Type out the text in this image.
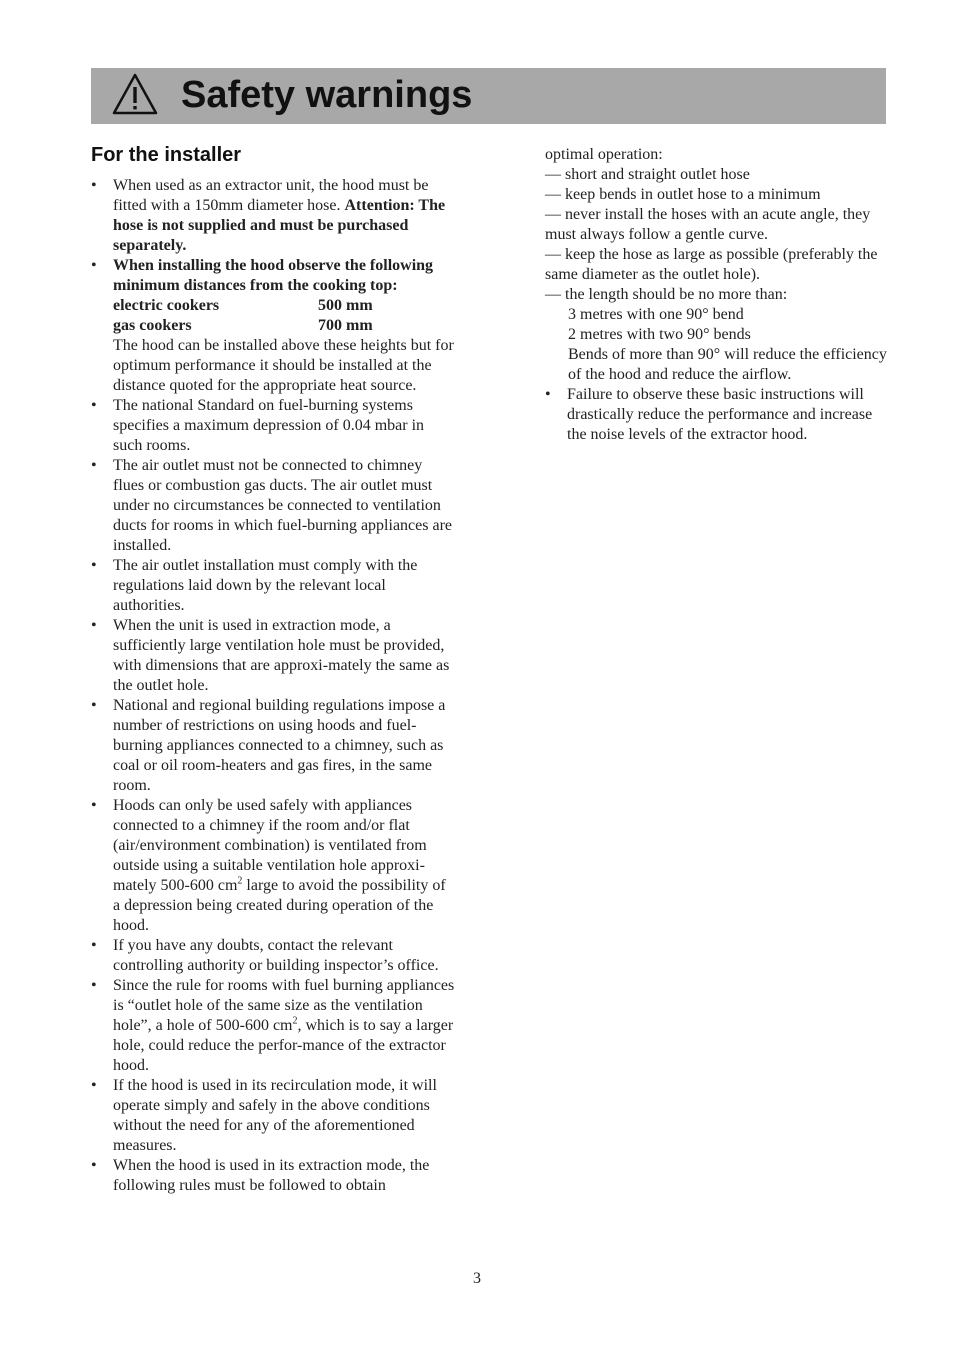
Safety warnings
For the installer
• When used as an extractor unit, the hood must be fitted with a 150mm diameter hose. Attention: The hose is not supplied and must be purchased separately.
• When installing the hood observe the following minimum distances from the cooking top:
electric cookers	500 mm
gas cookers	700 mm
The hood can be installed above these heights but for optimum performance it should be installed at the distance quoted for the appropriate heat source.
• The national Standard on fuel-burning systems specifies a maximum depression of 0.04 mbar in such rooms.
• The air outlet must not be connected to chimney flues or combustion gas ducts. The air outlet must under no circumstances be connected to ventilation ducts for rooms in which fuel-burning appliances are installed.
• The air outlet installation must comply with the regulations laid down by the relevant local authorities.
• When the unit is used in extraction mode, a sufficiently large ventilation hole must be provided, with dimensions that are approxi-mately the same as the outlet hole.
• National and regional building regulations impose a number of restrictions on using hoods and fuel-burning appliances connected to a chimney, such as coal or oil room-heaters and gas fires, in the same room.
• Hoods can only be used safely with appliances connected to a chimney if the room and/or flat (air/environment combination) is ventilated from outside using a suitable ventilation hole approxi-mately 500-600 $cm^2$ large to avoid the possibility of a depression being created during operation of the hood.
• If you have any doubts, contact the relevant controlling authority or building inspector’s office.
• Since the rule for rooms with fuel burning appliances is “outlet hole of the same size as the ventilation hole”, a hole of 500-600 $cm^2$, which is to say a larger hole, could reduce the perfor-mance of the extractor hood.
• If the hood is used in its recirculation mode, it will operate simply and safely in the above conditions without the need for any of the aforementioned measures.
• When the hood is used in its extraction mode, the following rules must be followed to obtain
optimal operation:
— short and straight outlet hose
— keep bends in outlet hose to a minimum
— never install the hoses with an acute angle, they must always follow a gentle curve.
— keep the hose as large as possible (preferably the same diameter as the outlet hole).
— the length should be no more than:
3 metres with one 90° bend
2 metres with two 90° bends
Bends of more than 90° will reduce the efficiency of the hood and reduce the airflow.
• Failure to observe these basic instructions will drastically reduce the performance and increase the noise levels of the extractor hood.
3
